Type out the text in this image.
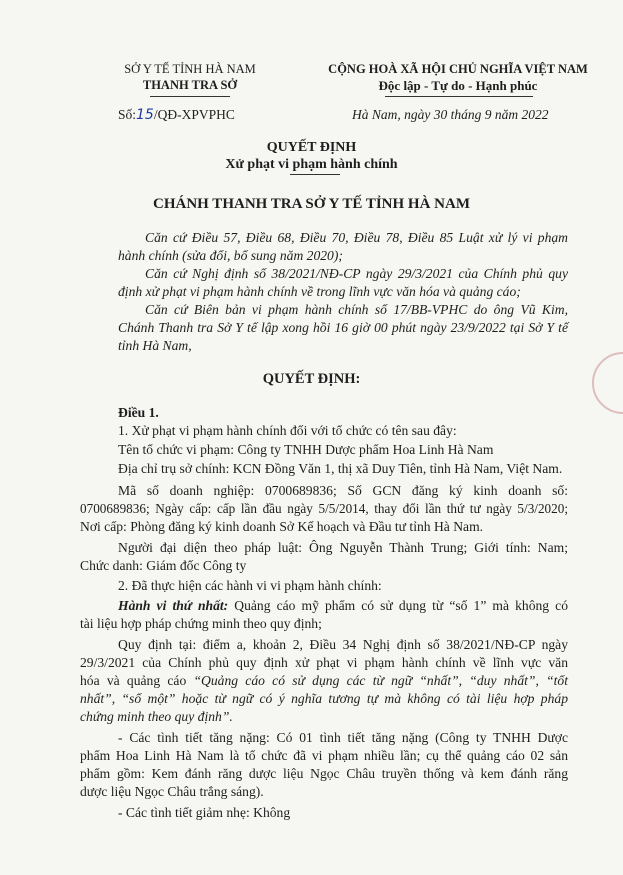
SỞ Y TẾ TỈNH HÀ NAM
THANH TRA SỞ
CỘNG HOÀ XÃ HỘI CHỦ NGHĨA VIỆT NAM
Độc lập - Tự do - Hạnh phúc
Số:15/QĐ-XPVPHC	Hà Nam, ngày 30 tháng 9 năm 2022
QUYẾT ĐỊNH
Xử phạt vi phạm hành chính
CHÁNH THANH TRA SỞ Y TẾ TỈNH HÀ NAM
Căn cứ Điều 57, Điều 68, Điều 70, Điều 78, Điều 85 Luật xử lý vi phạm
hành chính (sửa đổi, bổ sung năm 2020);
Căn cứ Nghị định số 38/2021/NĐ-CP ngày 29/3/2021 của Chính phủ quy
định xử phạt vi phạm hành chính về trong lĩnh vực văn hóa và quảng cáo;
Căn cứ Biên bản vi phạm hành chính số 17/BB-VPHC do ông Vũ Kim,
Chánh Thanh tra Sở Y tế lập xong hồi 16 giờ 00 phút ngày 23/9/2022 tại Sở Y tế
tỉnh Hà Nam,
QUYẾT ĐỊNH:
Điều 1.
1. Xử phạt vi phạm hành chính đối với tổ chức có tên sau đây:
Tên tổ chức vi phạm: Công ty TNHH Dược phẩm Hoa Linh Hà Nam
Địa chỉ trụ sở chính: KCN Đồng Văn 1, thị xã Duy Tiên, tỉnh Hà Nam, Việt Nam.
Mã số doanh nghiệp: 0700689836; Số GCN đăng ký kinh doanh số:
0700689836; Ngày cấp: cấp lần đầu ngày 5/5/2014, thay đổi lần thứ tư ngày 5/3/2020;
Nơi cấp: Phòng đăng ký kinh doanh Sở Kế hoạch và Đầu tư tỉnh Hà Nam.
Người đại diện theo pháp luật: Ông Nguyễn Thành Trung; Giới tính: Nam;
Chức danh: Giám đốc Công ty
2. Đã thực hiện các hành vi vi phạm hành chính:
Hành vi thứ nhất: Quảng cáo mỹ phẩm có sử dụng từ “số 1” mà không có
tài liệu hợp pháp chứng minh theo quy định;
Quy định tại: điểm a, khoản 2, Điều 34 Nghị định số 38/2021/NĐ-CP ngày
29/3/2021 của Chính phủ quy định xử phạt vi phạm hành chính về lĩnh vực văn
hóa và quảng cáo “Quảng cáo có sử dụng các từ ngữ “nhất”, “duy nhất”, “tốt
nhất”, “số một” hoặc từ ngữ có ý nghĩa tương tự mà không có tài liệu hợp pháp
chứng minh theo quy định”.
- Các tình tiết tăng nặng: Có 01 tình tiết tăng nặng (Công ty TNHH Dược
phẩm Hoa Linh Hà Nam là tổ chức đã vi phạm nhiều lần; cụ thể quảng cáo 02 sản
phẩm gồm: Kem đánh răng dược liệu Ngọc Châu truyền thống và kem đánh răng
dược liệu Ngọc Châu trắng sáng).
- Các tình tiết giảm nhẹ: Không
